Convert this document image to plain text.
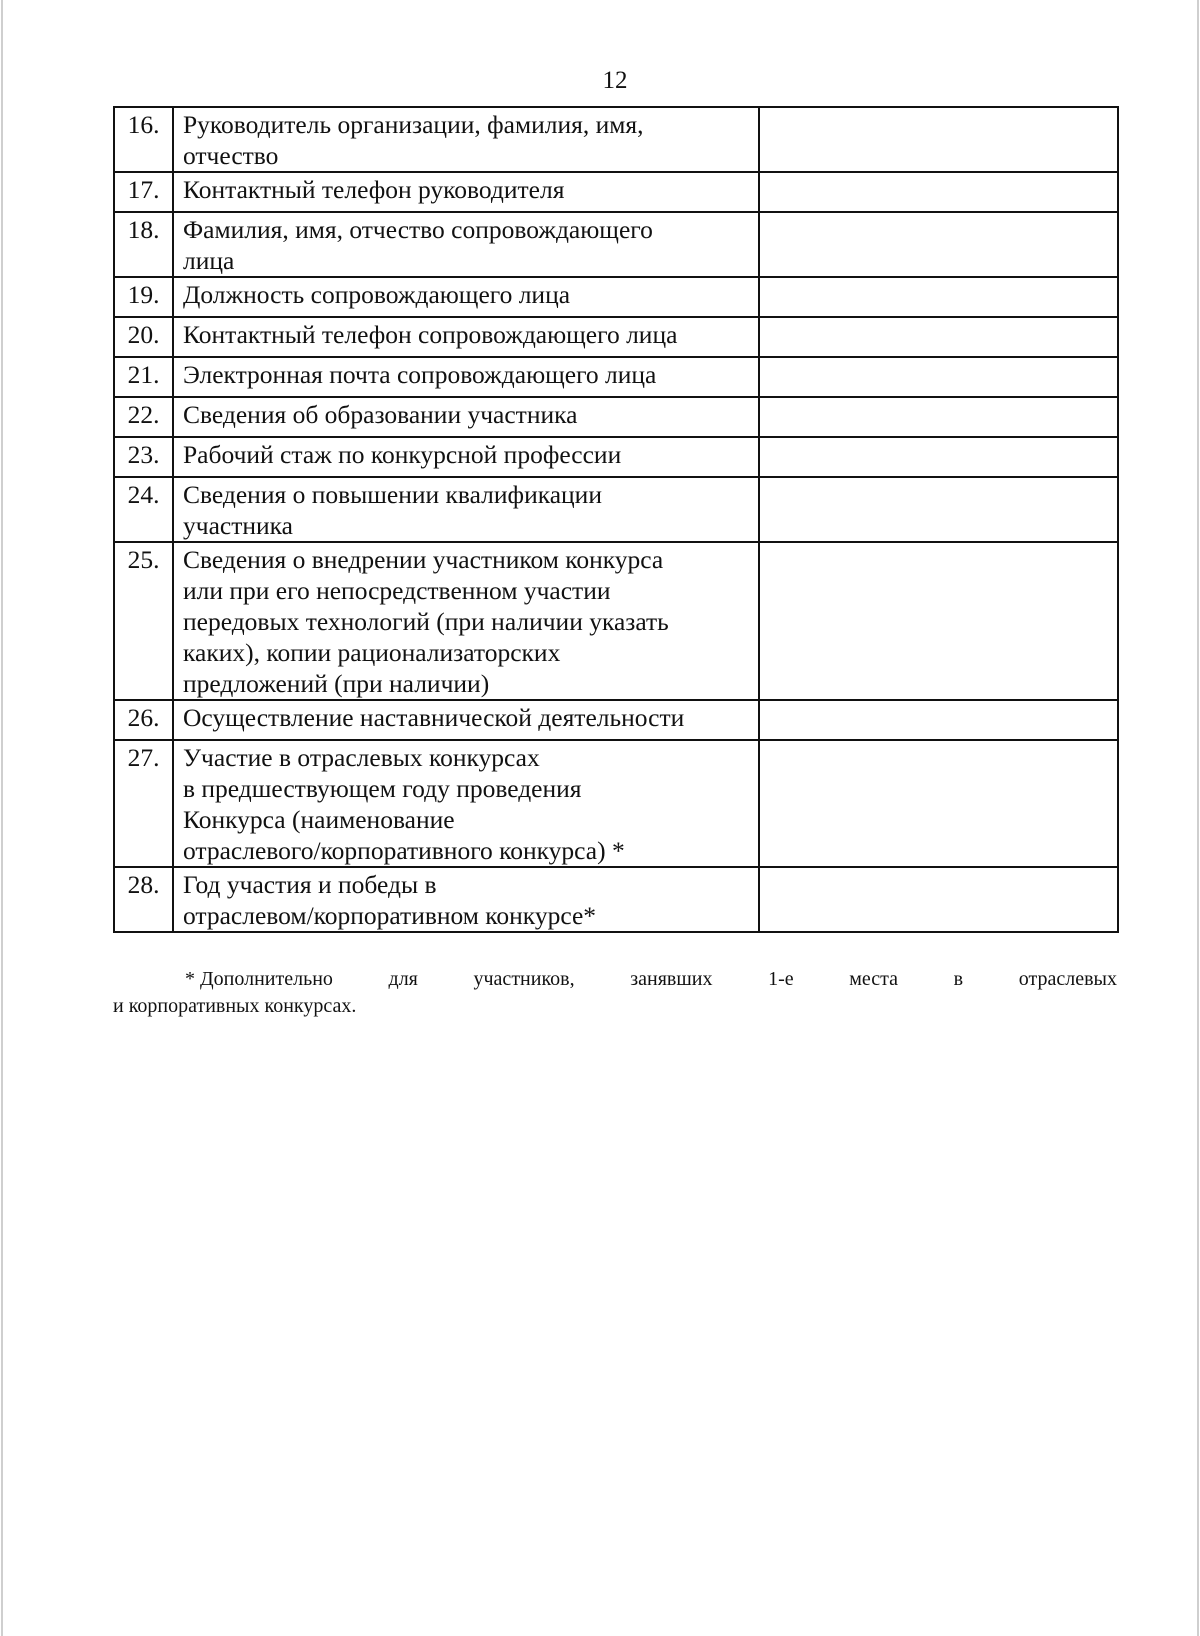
12
16.	Руководитель организации, фамилия, имя,
отчество	

17.	Контактный телефон руководителя	

18.	Фамилия, имя, отчество сопровождающего
лица	

19.	Должность сопровождающего лица	

20.	Контактный телефон сопровождающего лица	

21.	Электронная почта сопровождающего лица	

22.	Сведения об образовании участника	

23.	Рабочий стаж по конкурсной профессии	

24.	Сведения о повышении квалификации
участника	

25.	Сведения о внедрении участником конкурса
или при его непосредственном участии
передовых технологий (при наличии указать
каких), копии рационализаторских
предложений (при наличии)	

26.	Осуществление наставнической деятельности	

27.	Участие в отраслевых конкурсах
в предшествующем году проведения
Конкурса (наименование
отраслевого/корпоративного конкурса) *	

28.	Год участия и победы в
отраслевом/корпоративном конкурсе*	

* Дополнительно	для	участников,	занявших	1-е	места	в	отраслевых
и корпоративных конкурсах.
